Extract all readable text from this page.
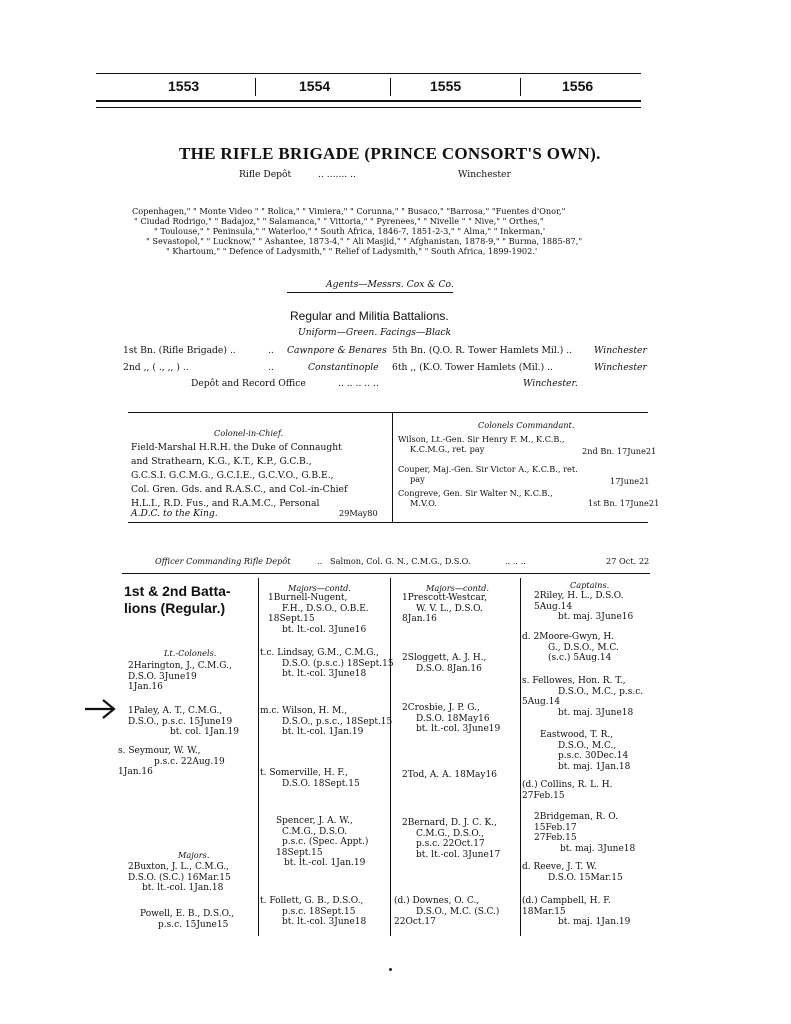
1553	1554	1555	1556
THE RIFLE BRIGADE (PRINCE CONSORT'S OWN).
Rifle Depôt	.. ....... ..	Winchester
Copenhagen," " Monte Video " " Rolica," " Vimiera," " Corunna," " Busaco," "Barrosa," "Fuentes d'Onor,"
" Ciudad Rodrigo," " Badajoz," " Salamanca," " Vittoria," " Pyrenees," " Nivelle " " Nive," " Orthes,"
" Toulouse," " Peninsula," " Waterloo," " South Africa, 1846-7, 1851-2-3," " Alma," " Inkerman,'
" Sevastopol," " Lucknow," " Ashantee, 1873-4," " Ali Masjid," " Afghanistan, 1878-9," " Burma, 1885-87,"
" Khartoum," " Defence of Ladysmith," " Relief of Ladysmith," " South Africa, 1899-1902.'
Agents—Messrs. Cox & Co.
Regular and Militia Battalions.
Uniform—Green. Facings—Black
1st Bn. (Rifle Brigade) ..	.. Cawnpore & Benares 5th Bn. (Q.O. R. Tower Hamlets Mil.) .. Winchester
2nd ,, ( ., ,, ) ..	..	Constantinople 6th ,, (K.O. Tower Hamlets (Mil.) ..	Winchester
Depôt and Record Office	.. .. .. .. ..	Winchester.
Colonel-in-Chief.
Field-Marshal H.R.H. the Duke of Connaught
and Strathearn, K.G., K.T., K.P., G.C.B.,
G.C.S.I. G.C.M.G., G.C.I.E., G.C.V.O., G.B.E.,
Col. Gren. Gds. and R.A.S.C., and Col.-in-Chief
H.L.I., R.D. Fus., and R.A.M.C., Personal
A.D.C. to the King.	29May80
Colonels Commandant.
Wilson, Lt.-Gen. Sir Henry F. M., K.C.B.,
K.C.M.G., ret. pay	2nd Bn. 17June21
Couper, Maj.-Gen. Sir Victor A., K.C.B., ret.
pay	17June21
Congreve, Gen. Sir Walter N., K.C.B.,
M.V.O.	1st Bn. 17June21
Officer Commanding Rifle Depôt	.. Salmon, Col. G. N., C.M.G., D.S.O.	.. .. ..	27 Oct. 22
1st & 2nd Batta-
lions (Regular.)
Lt.-Colonels.
2Harington, J., C.M.G.,
D.S.O. 3June19
1Jan.16
1Paley, A. T., C.M.G.,
D.S.O., p.s.c. 15June19
bt. col. 1Jan.19
s. Seymour, W. W.,
p.s.c. 22Aug.19
1Jan.16
Majors.
2Buxton, J. L., C.M.G.,
D.S.O. (S.C.) 16Mar.15
bt. lt.-col. 1Jan.18
Powell, E. B., D.S.O.,
p.s.c. 15June15
Majors—contd.
1Burnell-Nugent,
F.H., D.S.O., O.B.E.
18Sept.15
bt. lt.-col. 3June16
t.c. Lindsay, G.M., C.M.G.,
D.S.O. (p.s.c.) 18Sept.15
bt. lt.-col. 3June18
m.c. Wilson, H. M.,
D.S.O., p.s.c., 18Sept.15
bt. lt.-col. 1Jan.19
t. Somerville, H. F.,
D.S.O. 18Sept.15
Spencer, J. A. W.,
C.M.G., D.S.O.
p.s.c. (Spec. Appt.)
18Sept.15
bt. lt.-col. 1Jan.19
t. Follett, G. B., D.S.O.,
p.s.c. 18Sept.15
bt. lt.-col. 3June18
Majors—contd.
1Prescott-Westcar,
W. V. L., D.S.O.
8Jan.16
2Sloggett, A. J. H.,
D.S.O. 8Jan.16
2Crosbie, J. P. G.,
D.S.O. 18May16
bt. lt.-col. 3June19
2Tod, A. A. 18May16
2Bernard, D. J. C. K.,
C.M.G., D.S.O.,
p.s.c. 22Oct.17
bt. lt.-col. 3June17
(d.) Downes, O. C.,
D.S.O., M.C. (S.C.)
22Oct.17
Captains.
2Riley, H. L., D.S.O.
5Aug.14
bt. maj. 3June16
d. 2Moore-Gwyn, H.
G., D.S.O., M.C.
(s.c.) 5Aug.14
s. Fellowes, Hon. R. T.,
D.S.O., M.C., p.s.c.
5Aug.14
bt. maj. 3June18
Eastwood, T. R.,
D.S.O., M.C.,
p.s.c. 30Dec.14
bt. maj. 1Jan.18
(d.) Collins, R. L. H.
27Feb.15
2Bridgeman, R. O.
15Feb.17
27Feb.15
bt. maj. 3June18
d. Reeve, J. T. W.
D.S.O. 15Mar.15
(d.) Campbell, H. F.
18Mar.15
bt. maj. 1Jan.19
